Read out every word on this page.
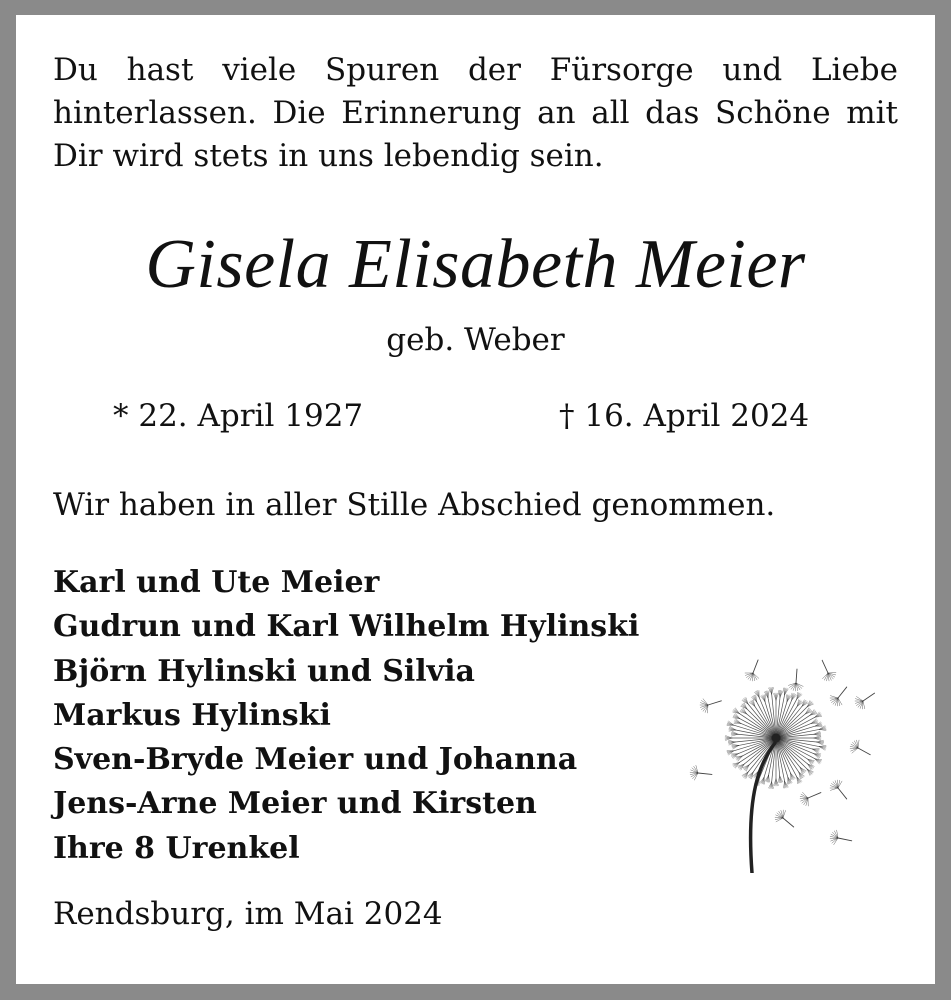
Du hast viele Spuren der Fürsorge und Liebe hinterlassen. Die Erinnerung an all das Schöne mit Dir wird stets in uns lebendig sein.
Gisela Elisabeth Meier
geb. Weber
* 22. April 1927	† 16. April 2024
Wir haben in aller Stille Abschied genommen.
Karl und Ute Meier
Gudrun und Karl Wilhelm Hylinski
Björn Hylinski und Silvia
Markus Hylinski
Sven-Bryde Meier und Johanna
Jens-Arne Meier und Kirsten
Ihre 8 Urenkel
Rendsburg, im Mai 2024
